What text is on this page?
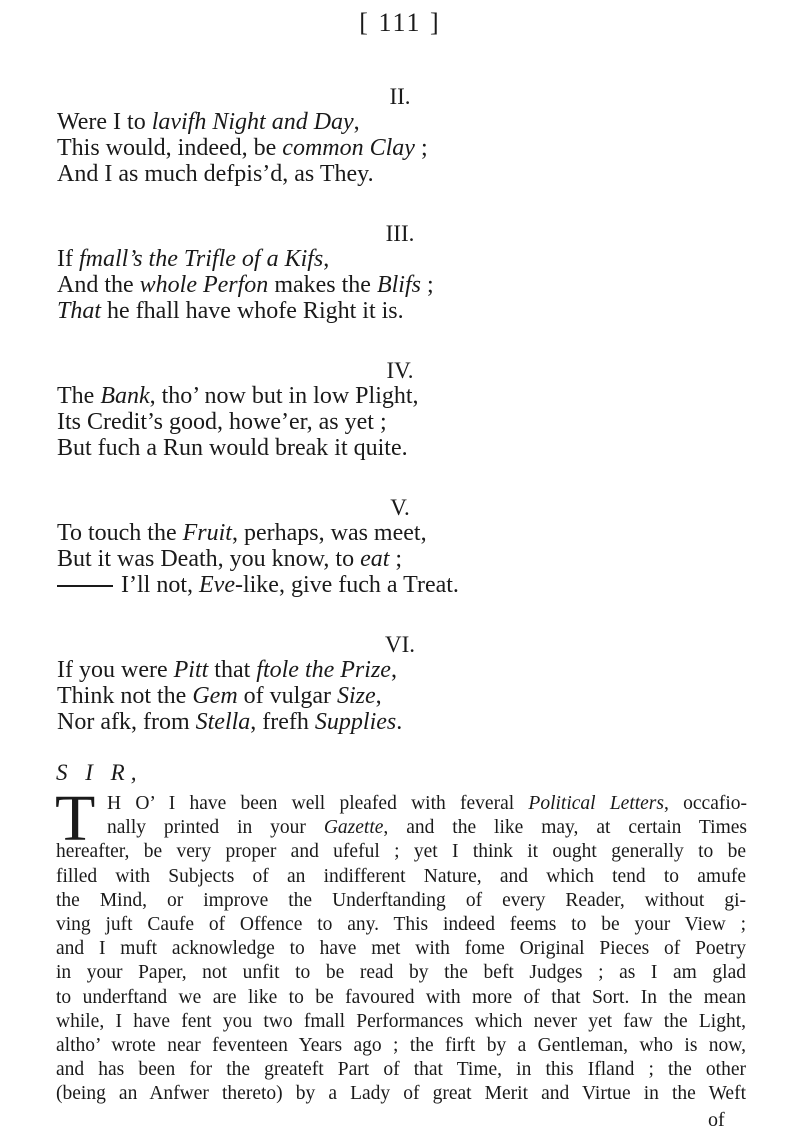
[ 111 ]
II.
Were I to lavifh Night and Day,
This would, indeed, be common Clay ;
And I as much defpis’d, as They.
III.
If fmall’s the Trifle of a Kifs,
And the whole Perfon makes the Blifs ;
That he fhall have whofe Right it is.
IV.
The Bank, tho’ now but in low Plight,
Its Credit’s good, howe’er, as yet ;
But fuch a Run would break it quite.
V.
To touch the Fruit, perhaps, was meet,
But it was Death, you know, to eat ;
I’ll not, Eve-like, give fuch a Treat.
VI.
If you were Pitt that ftole the Prize,
Think not the Gem of vulgar Size,
Nor afk, from Stella, frefh Supplies.
S I R,
T H O’ I have been well pleafed with feveral Political Letters, occafio-
nally printed in your Gazette, and the like may, at certain Times
hereafter, be very proper and ufeful ; yet I think it ought generally to be
filled with Subjects of an indifferent Nature, and which tend to amufe
the Mind, or improve the Underftanding of every Reader, without gi-
ving juft Caufe of Offence to any. This indeed feems to be your View ;
and I muft acknowledge to have met with fome Original Pieces of Poetry
in your Paper, not unfit to be read by the beft Judges ; as I am glad
to underftand we are like to be favoured with more of that Sort. In the mean
while, I have fent you two fmall Performances which never yet faw the Light,
altho’ wrote near feventeen Years ago ; the firft by a Gentleman, who is now,
and has been for the greateft Part of that Time, in this Ifland ; the other
(being an Anfwer thereto) by a Lady of great Merit and Virtue in the Weft
of
